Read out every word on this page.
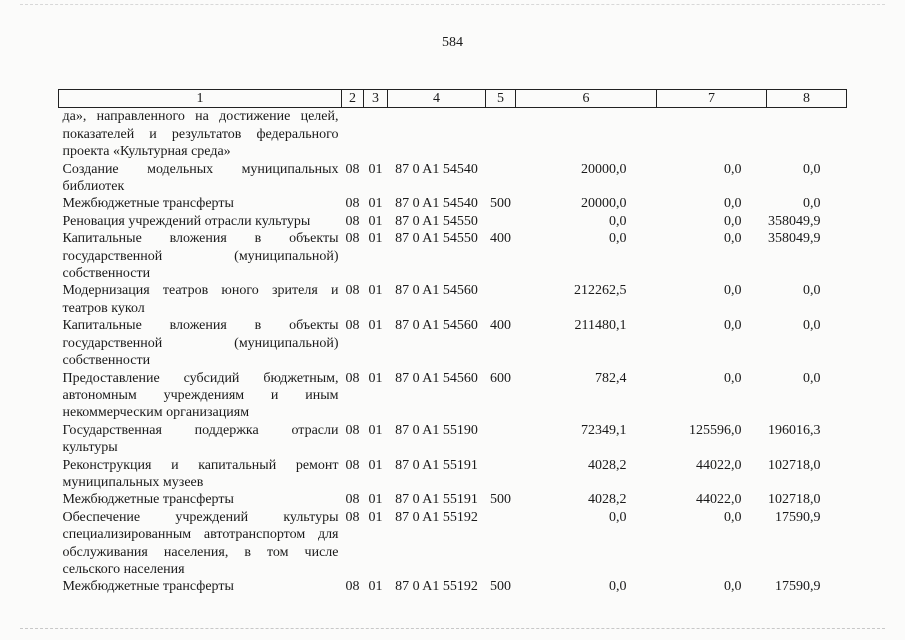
584
1	2	3	4	5	6	7	8
да», направленного на достижение целей, показателей и результатов федерального проекта «Культурная среда»							
Создание модельных муниципальных библиотек	08	01	87 0 A1 54540		20000,0	0,0	0,0
Межбюджетные трансферты	08	01	87 0 A1 54540	500	20000,0	0,0	0,0
Реновация учреждений отрасли культуры	08	01	87 0 A1 54550		0,0	0,0	358049,9
Капитальные вложения в объекты государственной (муниципальной) собственности	08	01	87 0 A1 54550	400	0,0	0,0	358049,9
Модернизация театров юного зрителя и театров кукол	08	01	87 0 A1 54560		212262,5	0,0	0,0
Капитальные вложения в объекты государственной (муниципальной) собственности	08	01	87 0 A1 54560	400	211480,1	0,0	0,0
Предоставление субсидий бюджетным, автономным учреждениям и иным некоммерческим организациям	08	01	87 0 A1 54560	600	782,4	0,0	0,0
Государственная поддержка отрасли культуры	08	01	87 0 A1 55190		72349,1	125596,0	196016,3
Реконструкция и капитальный ремонт муниципальных музеев	08	01	87 0 A1 55191		4028,2	44022,0	102718,0
Межбюджетные трансферты	08	01	87 0 A1 55191	500	4028,2	44022,0	102718,0
Обеспечение учреждений культуры специализированным автотранспортом для обслуживания населения, в том числе сельского населения	08	01	87 0 A1 55192		0,0	0,0	17590,9
Межбюджетные трансферты	08	01	87 0 A1 55192	500	0,0	0,0	17590,9
